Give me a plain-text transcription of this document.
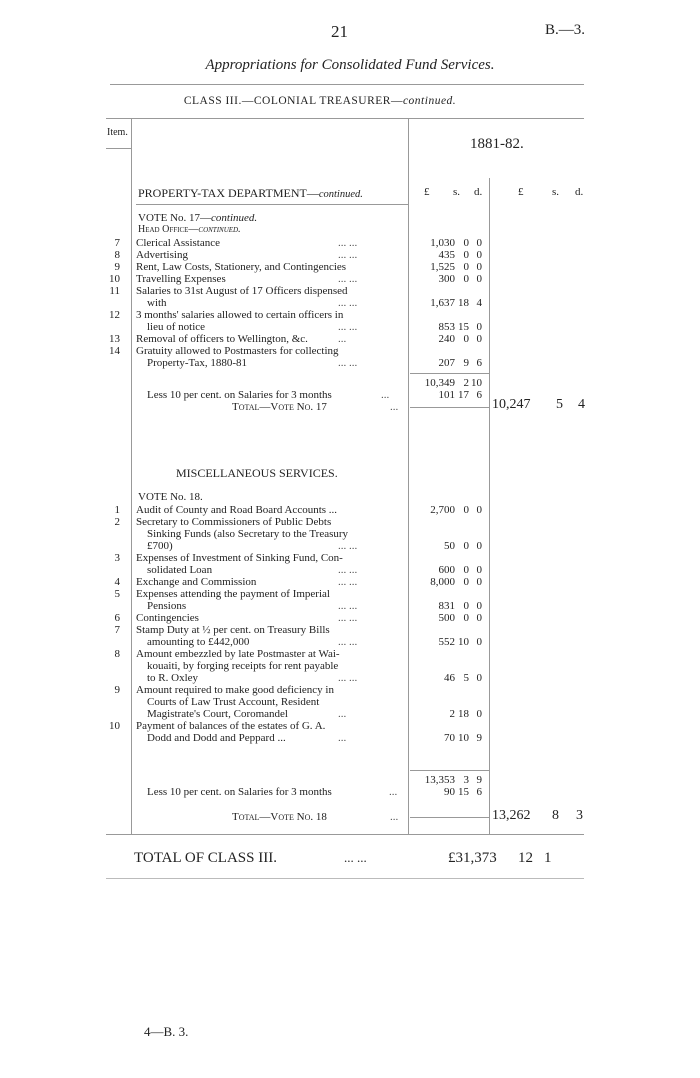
21	B.—3.
Appropriations for Consolidated Fund Services.
CLASS III.—COLONIAL TREASURER—continued.
Item.
1881-82.
PROPERTY-TAX DEPARTMENT—continued.	£ s. d.	£	s. d.
VOTE No. 17—continued.
Head Office—continued.
7 Clerical Assistance	... ...	1,030 0 0
8 Advertising	... ...	435 0 0
9 Rent, Law Costs, Stationery, and Contingencies	1,525 0 0
10 Travelling Expenses	... ...	300 0 0
11 Salaries to 31st August of 17 Officers dispensed
with	... ...	1,637 18 4
12 3 months' salaries allowed to certain officers in
lieu of notice	... ...	853 15 0
13 Removal of officers to Wellington, &c.	...	240 0 0
14 Gratuity allowed to Postmasters for collecting
Property-Tax, 1880-81	... ...	207 9 6
10,349 2 10
Less 10 per cent. on Salaries for 3 months	...	101 17 6
Total—Vote No. 17	...	10,247 5 4
MISCELLANEOUS SERVICES.
VOTE No. 18.
1 Audit of County and Road Board Accounts ...	2,700 0 0
2 Secretary to Commissioners of Public Debts
Sinking Funds (also Secretary to the Treasury
£700)	... ...	50 0 0
3 Expenses of Investment of Sinking Fund, Con-
solidated Loan	... ...	600 0 0
4 Exchange and Commission	... ...	8,000 0 0
5 Expenses attending the payment of Imperial
Pensions	... ...	831 0 0
6 Contingencies	... ...	500 0 0
7 Stamp Duty at ½ per cent. on Treasury Bills
amounting to £442,000	... ...	552 10 0
8 Amount embezzled by late Postmaster at Wai-
kouaiti, by forging receipts for rent payable
to R. Oxley	... ...	46 5 0
9 Amount required to make good deficiency in
Courts of Law Trust Account, Resident
Magistrate's Court, Coromandel	...	2 18 0
10 Payment of balances of the estates of G. A.
Dodd and Dodd and Peppard ...	...	70 10 9
13,353 3 9
Less 10 per cent. on Salaries for 3 months	...	90 15 6
Total—Vote No. 18	...	13,262 8 3
TOTAL OF CLASS III.	... ...	£31,373 12 1
4—B. 3.
